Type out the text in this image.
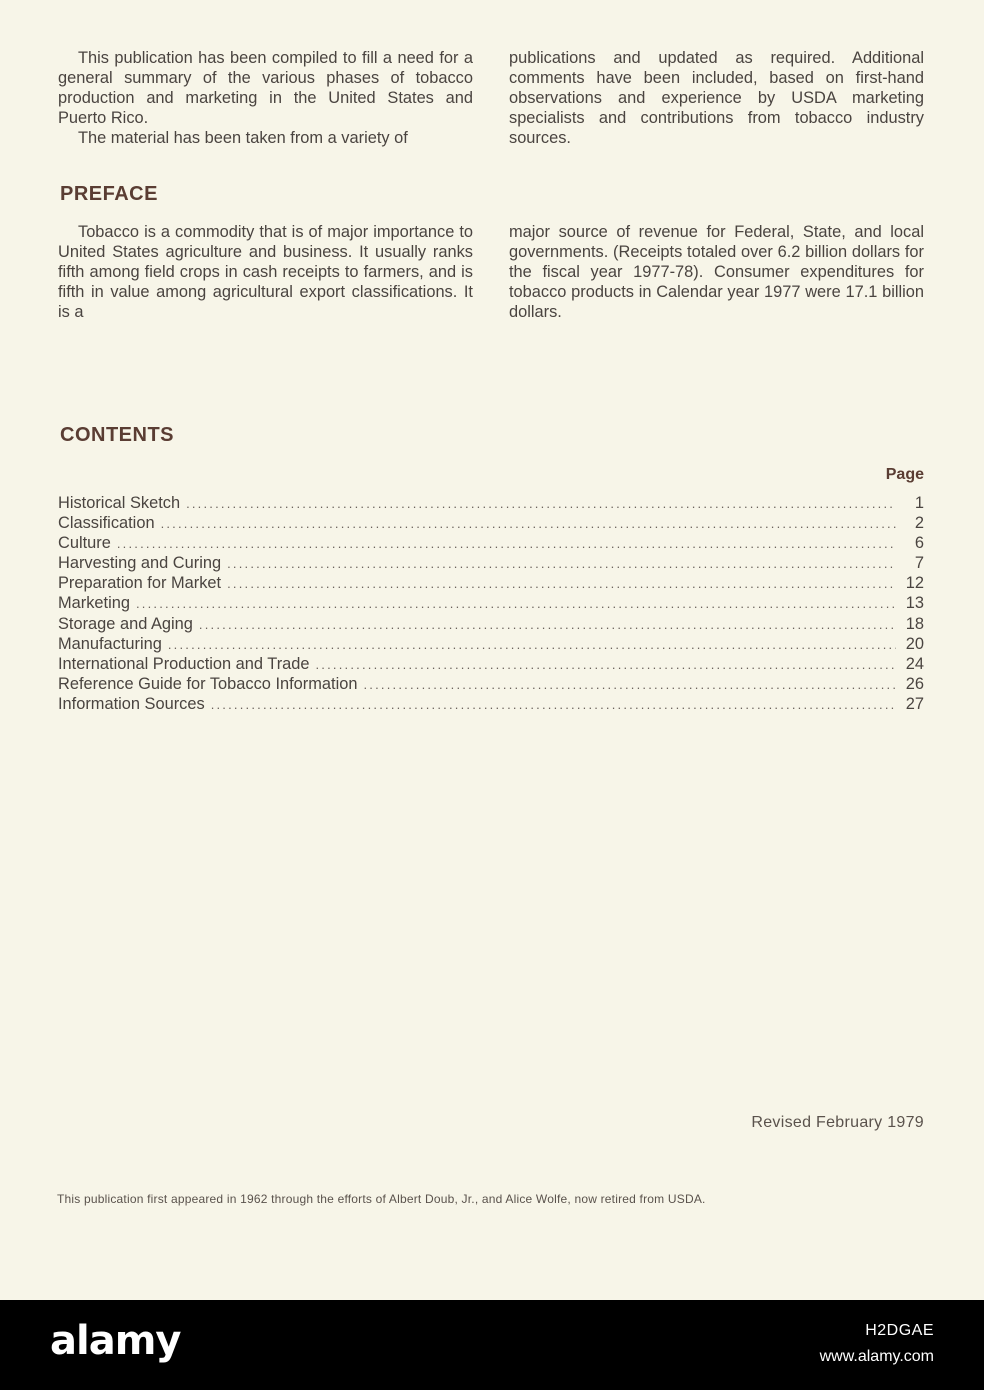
This publication has been compiled to fill a need for a general summary of the various phases of tobacco production and marketing in the United States and Puerto Rico.

The material has been taken from a variety of

publications and updated as required. Additional comments have been included, based on first-hand observations and experience by USDA marketing specialists and contributions from tobacco industry sources.

PREFACE

Tobacco is a commodity that is of major importance to United States agriculture and business. It usually ranks fifth among field crops in cash receipts to farmers, and is fifth in value among agricultural export classifications. It is a

major source of revenue for Federal, State, and local governments. (Receipts totaled over 6.2 billion dollars for the fiscal year 1977-78). Consumer expenditures for tobacco products in Calendar year 1977 were 17.1 billion dollars.

CONTENTS
Page
Historical Sketch .....	1
Classification .....	2
Culture .....	6
Harvesting and Curing .....	7
Preparation for Market .....	12
Marketing .....	13
Storage and Aging .....	18
Manufacturing .....	20
International Production and Trade .....	24
Reference Guide for Tobacco Information .....	26
Information Sources .....	27
Revised February 1979
This publication first appeared in 1962 through the efforts of Albert Doub, Jr., and Alice Wolfe, now retired from USDA.
alamy	H2DGAE
www.alamy.com
